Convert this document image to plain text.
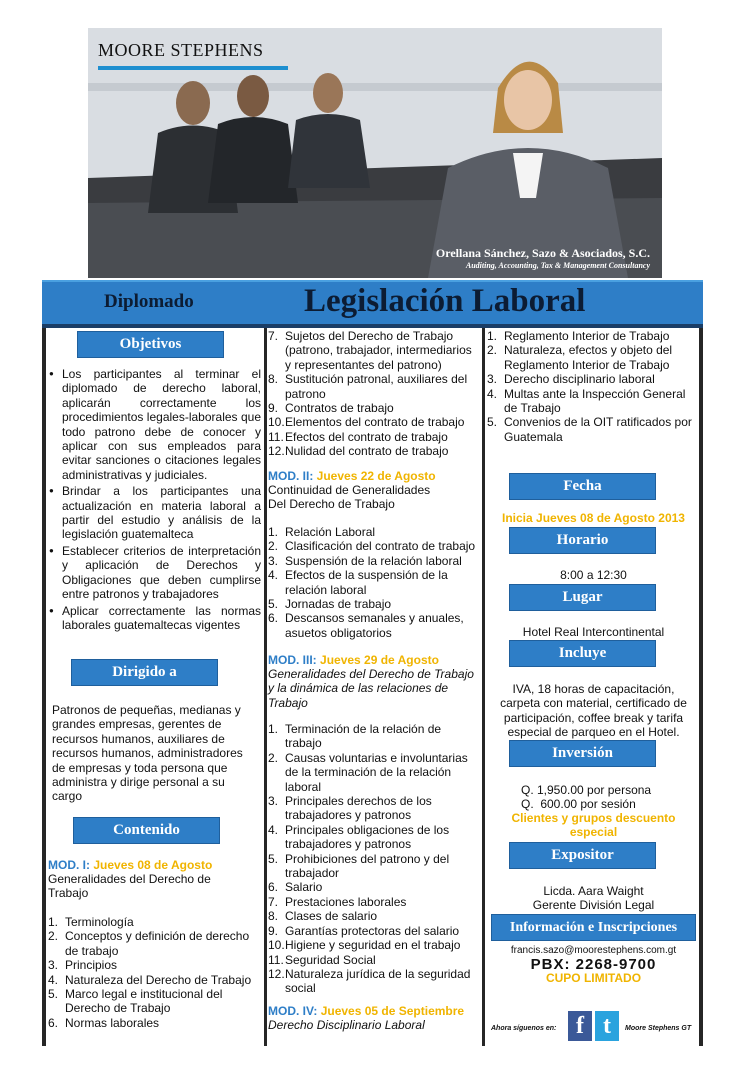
MOORE STEPHENS
Orellana Sánchez, Sazo & Asociados, S.C.
Auditing, Accounting, Tax & Management Consultancy
Diplomado	Legislación Laboral
Objetivos
● Los participantes al terminar el diplomado de derecho laboral, aplicarán correctamente los procedimientos legales-laborales que todo patrono debe de conocer y aplicar con sus empleados para evitar sanciones o citaciones legales administrativas y judiciales.
● Brindar a los participantes una actualización en materia laboral a partir del estudio y análisis de la legislación guatemalteca
● Establecer criterios de interpretación y aplicación de Derechos y Obligaciones que deben cumplirse entre patronos y trabajadores
● Aplicar correctamente las normas laborales guatemaltecas vigentes
Dirigido a
Patronos de pequeñas, medianas y grandes empresas, gerentes de recursos humanos, auxiliares de recursos humanos, administradores de empresas y toda persona que administra y dirige personal a su cargo
Contenido
MOD. I: Jueves 08 de Agosto
Generalidades del Derecho de Trabajo
1. Terminología
2. Conceptos y definición de derecho de trabajo
3. Principios
4. Naturaleza del Derecho de Trabajo
5. Marco legal e institucional del Derecho de Trabajo
6. Normas laborales
7. Sujetos del Derecho de Trabajo (patrono, trabajador, intermediarios y representantes del patrono)
8. Sustitución patronal, auxiliares del patrono
9. Contratos de trabajo
10. Elementos del contrato de trabajo
11. Efectos del contrato de trabajo
12. Nulidad del contrato de trabajo
MOD. II: Jueves 22 de Agosto
Continuidad de Generalidades Del Derecho de Trabajo
1. Relación Laboral
2. Clasificación del contrato de trabajo
3. Suspensión de la relación laboral
4. Efectos de la suspensión de la relación laboral
5. Jornadas de trabajo
6. Descansos semanales y anuales, asuetos obligatorios
MOD. III: Jueves 29 de Agosto
Generalidades del Derecho de Trabajo y la dinámica de las relaciones de Trabajo
1. Terminación de la relación de trabajo
2. Causas voluntarias e involuntarias de la terminación de la relación laboral
3. Principales derechos de los trabajadores y patronos
4. Principales obligaciones de los trabajadores y patronos
5. Prohibiciones del patrono y del trabajador
6. Salario
7. Prestaciones laborales
8. Clases de salario
9. Garantías protectoras del salario
10. Higiene y seguridad en el trabajo
11. Seguridad Social
12. Naturaleza jurídica de la seguridad social
MOD. IV: Jueves 05 de Septiembre
Derecho Disciplinario Laboral
1. Reglamento Interior de Trabajo
2. Naturaleza, efectos y objeto del Reglamento Interior de Trabajo
3. Derecho disciplinario laboral
4. Multas ante la Inspección General de Trabajo
5. Convenios de la OIT ratificados por Guatemala
Fecha
Inicia Jueves 08 de Agosto 2013
Horario
8:00 a 12:30
Lugar
Hotel Real Intercontinental
Incluye
IVA, 18 horas de capacitación, carpeta con material, certificado de participación, coffee break y tarifa especial de parqueo en el Hotel.
Inversión
Q. 1,950.00 por persona
Q.  600.00 por sesión
Clientes y grupos descuento especial
Expositor
Licda. Aara Waight
Gerente División Legal
Información e Inscripciones
francis.sazo@moorestephens.com.gt
PBX: 2268-9700
CUPO LIMITADO
Ahora síguenos en: f t	Moore Stephens GT
